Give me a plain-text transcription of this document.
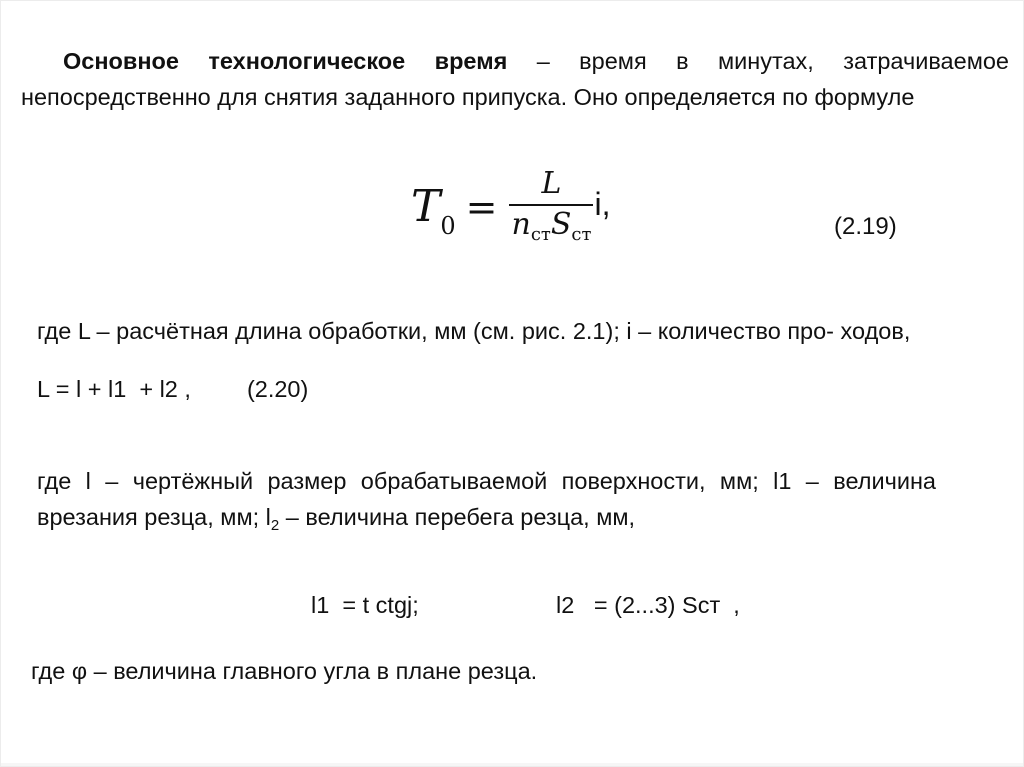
Основное технологическое время – время в минутах, затрачиваемое непосредственно для снятия заданного припуска. Оно определяется по формуле

T $0 = \frac{L}{n_{ст}S_{ст}} i$,
(2.19)

где L – расчётная длина обработки, мм (см. рис. 2.1); i – количество про- ходов,

L = l + l1  + l2 , (2.20)

где l – чертёжный размер обрабатываемой поверхности, мм; l1 – величина врезания резца, мм; $l_2$ – величина перебега резца, мм,

l1  = t ctgj;	l2   = (2...3) Sст  ,

где φ – величина главного угла в плане резца.
